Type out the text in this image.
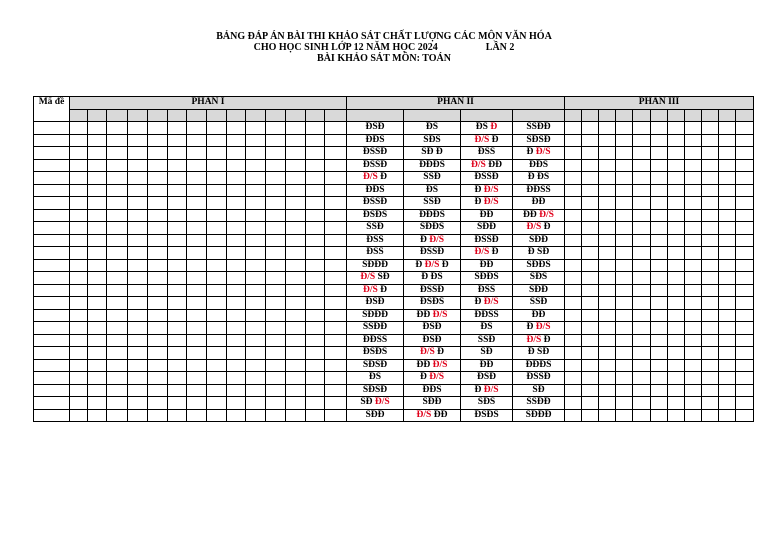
BẢNG ĐÁP ÁN BÀI THI KHẢO SÁT CHẤT LƯỢNG CÁC MÔN VĂN HÓA
CHO HỌC SINH LỚP 12 NĂM HỌC 2024	LẦN 2
BÀI KHẢO SÁT MÔN: TOÁN
Mã đề	PHẦN I														PHẦN II				PHẦN III										

															ĐSĐ	ĐS	ĐS Đ	SSĐĐ											
															ĐĐS	SĐS	Đ/S Đ	SĐSĐ											
															ĐSSĐ	SĐ Đ	ĐSS	Đ Đ/S											
															ĐSSĐ	ĐĐĐS	Đ/S ĐĐ	ĐĐS											
															Đ/S Đ	SSĐ	ĐSSĐ	Đ ĐS											
															ĐĐS	ĐS	Đ Đ/S	ĐĐSS											
															ĐSSĐ	SSĐ	Đ Đ/S	ĐĐ											
															ĐSĐS	ĐĐĐS	ĐĐ	ĐĐ Đ/S											
															SSĐ	SĐĐS	SĐĐ	Đ/S Đ											
															ĐSS	Đ Đ/S	ĐSSĐ	SĐĐ											
															ĐSS	ĐSSĐ	Đ/S Đ	Đ SĐ											
															SĐĐĐ	Đ Đ/S Đ	ĐĐ	SĐĐS											
															Đ/S SĐ	Đ ĐS	SĐĐS	SĐS											
															Đ/S Đ	ĐSSĐ	ĐSS	SĐĐ											
															ĐSĐ	ĐSĐS	Đ Đ/S	SSĐ											
															SĐĐĐ	ĐĐ Đ/S	ĐĐSS	ĐĐ											
															SSĐĐ	ĐSĐ	ĐS	Đ Đ/S											
															ĐĐSS	ĐSĐ	SSĐ	Đ/S Đ											
															ĐSĐS	Đ/S Đ	SĐ	Đ SĐ											
															SĐSĐ	ĐĐ Đ/S	ĐĐ	ĐĐĐS											
															ĐS	Đ Đ/S	ĐSĐ	ĐSSĐ											
															SĐSĐ	ĐĐS	Đ Đ/S	SĐ											
															SĐ Đ/S	SĐĐ	SĐS	SSĐĐ											
															SĐĐ	Đ/S ĐĐ	ĐSĐS	SĐĐĐ											
